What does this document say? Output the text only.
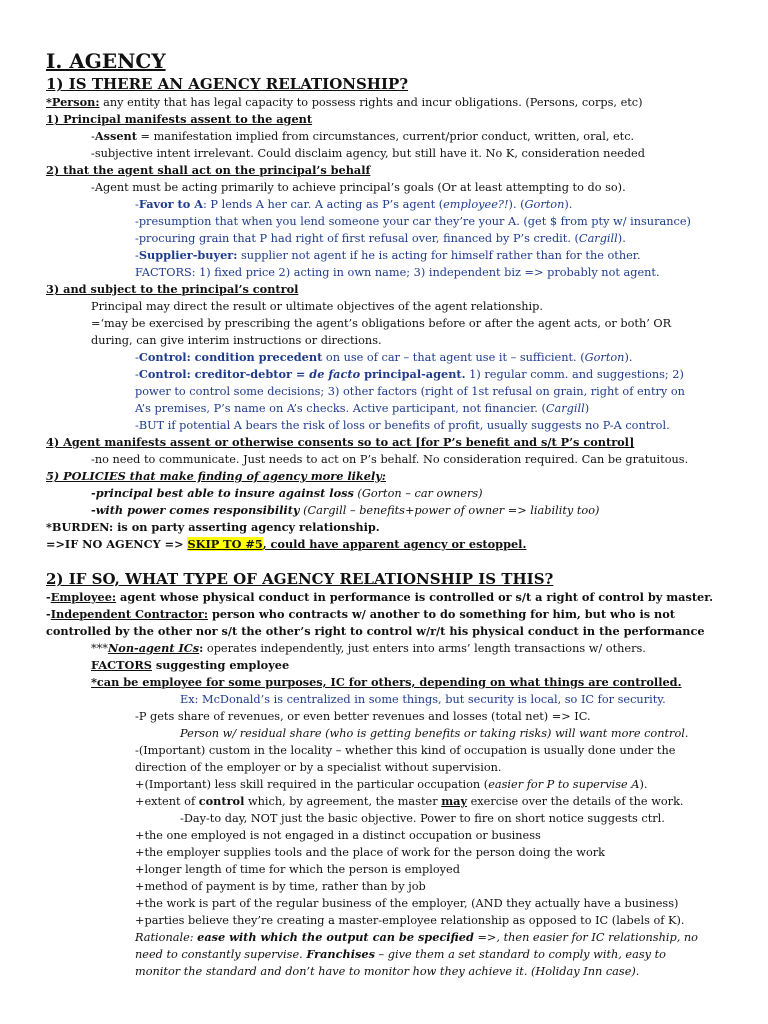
I. AGENCY
1) IS THERE AN AGENCY RELATIONSHIP?
*Person: any entity that has legal capacity to possess rights and incur obligations. (Persons, corps, etc)
1) Principal manifests assent to the agent
-Assent = manifestation implied from circumstances, current/prior conduct, written, oral, etc.
-subjective intent irrelevant. Could disclaim agency, but still have it. No K, consideration needed
2) that the agent shall act on the principal’s behalf
-Agent must be acting primarily to achieve principal’s goals (Or at least attempting to do so).
-Favor to A: P lends A her car. A acting as P’s agent (employee?!). (Gorton).
-presumption that when you lend someone your car they’re your A. (get $ from pty w/ insurance)
-procuring grain that P had right of first refusal over, financed by P’s credit. (Cargill).
-Supplier-buyer: supplier not agent if he is acting for himself rather than for the other.
FACTORS: 1) fixed price 2) acting in own name; 3) independent biz => probably not agent.
3) and subject to the principal’s control
Principal may direct the result or ultimate objectives of the agent relationship.
=‘may be exercised by prescribing the agent’s obligations before or after the agent acts, or both’ OR
during, can give interim instructions or directions.
-Control: condition precedent on use of car – that agent use it – sufficient. (Gorton).
-Control: creditor-debtor = de facto principal-agent. 1) regular comm. and suggestions; 2)
power to control some decisions; 3) other factors (right of 1st refusal on grain, right of entry on
A’s premises, P’s name on A’s checks. Active participant, not financier. (Cargill)
-BUT if potential A bears the risk of loss or benefits of profit, usually suggests no P-A control.
4) Agent manifests assent or otherwise consents so to act [for P’s benefit and s/t P’s control]
-no need to communicate. Just needs to act on P’s behalf. No consideration required. Can be gratuitous.
5) POLICIES that make finding of agency more likely:
-principal best able to insure against loss (Gorton – car owners)
-with power comes responsibility (Cargill – benefits+power of owner => liability too)
*BURDEN: is on party asserting agency relationship.
=>IF NO AGENCY => SKIP TO #5, could have apparent agency or estoppel.
2) IF SO, WHAT TYPE OF AGENCY RELATIONSHIP IS THIS?
-Employee: agent whose physical conduct in performance is controlled or s/t a right of control by master.
-Independent Contractor: person who contracts w/ another to do something for him, but who is not
controlled by the other nor s/t the other’s right to control w/r/t his physical conduct in the performance
***Non-agent ICs: operates independently, just enters into arms’ length transactions w/ others.
FACTORS suggesting employee
*can be employee for some purposes, IC for others, depending on what things are controlled.
Ex: McDonald’s is centralized in some things, but security is local, so IC for security.
-P gets share of revenues, or even better revenues and losses (total net) => IC.
Person w/ residual share (who is getting benefits or taking risks) will want more control.
-(Important) custom in the locality – whether this kind of occupation is usually done under the
direction of the employer or by a specialist without supervision.
+(Important) less skill required in the particular occupation (easier for P to supervise A).
+extent of control which, by agreement, the master may exercise over the details of the work.
-Day-to day, NOT just the basic objective. Power to fire on short notice suggests ctrl.
+the one employed is not engaged in a distinct occupation or business
+the employer supplies tools and the place of work for the person doing the work
+longer length of time for which the person is employed
+method of payment is by time, rather than by job
+the work is part of the regular business of the employer, (AND they actually have a business)
+parties believe they’re creating a master-employee relationship as opposed to IC (labels of K).
Rationale: ease with which the output can be specified =>, then easier for IC relationship, no
need to constantly supervise. Franchises – give them a set standard to comply with, easy to
monitor the standard and don’t have to monitor how they achieve it. (Holiday Inn case).
